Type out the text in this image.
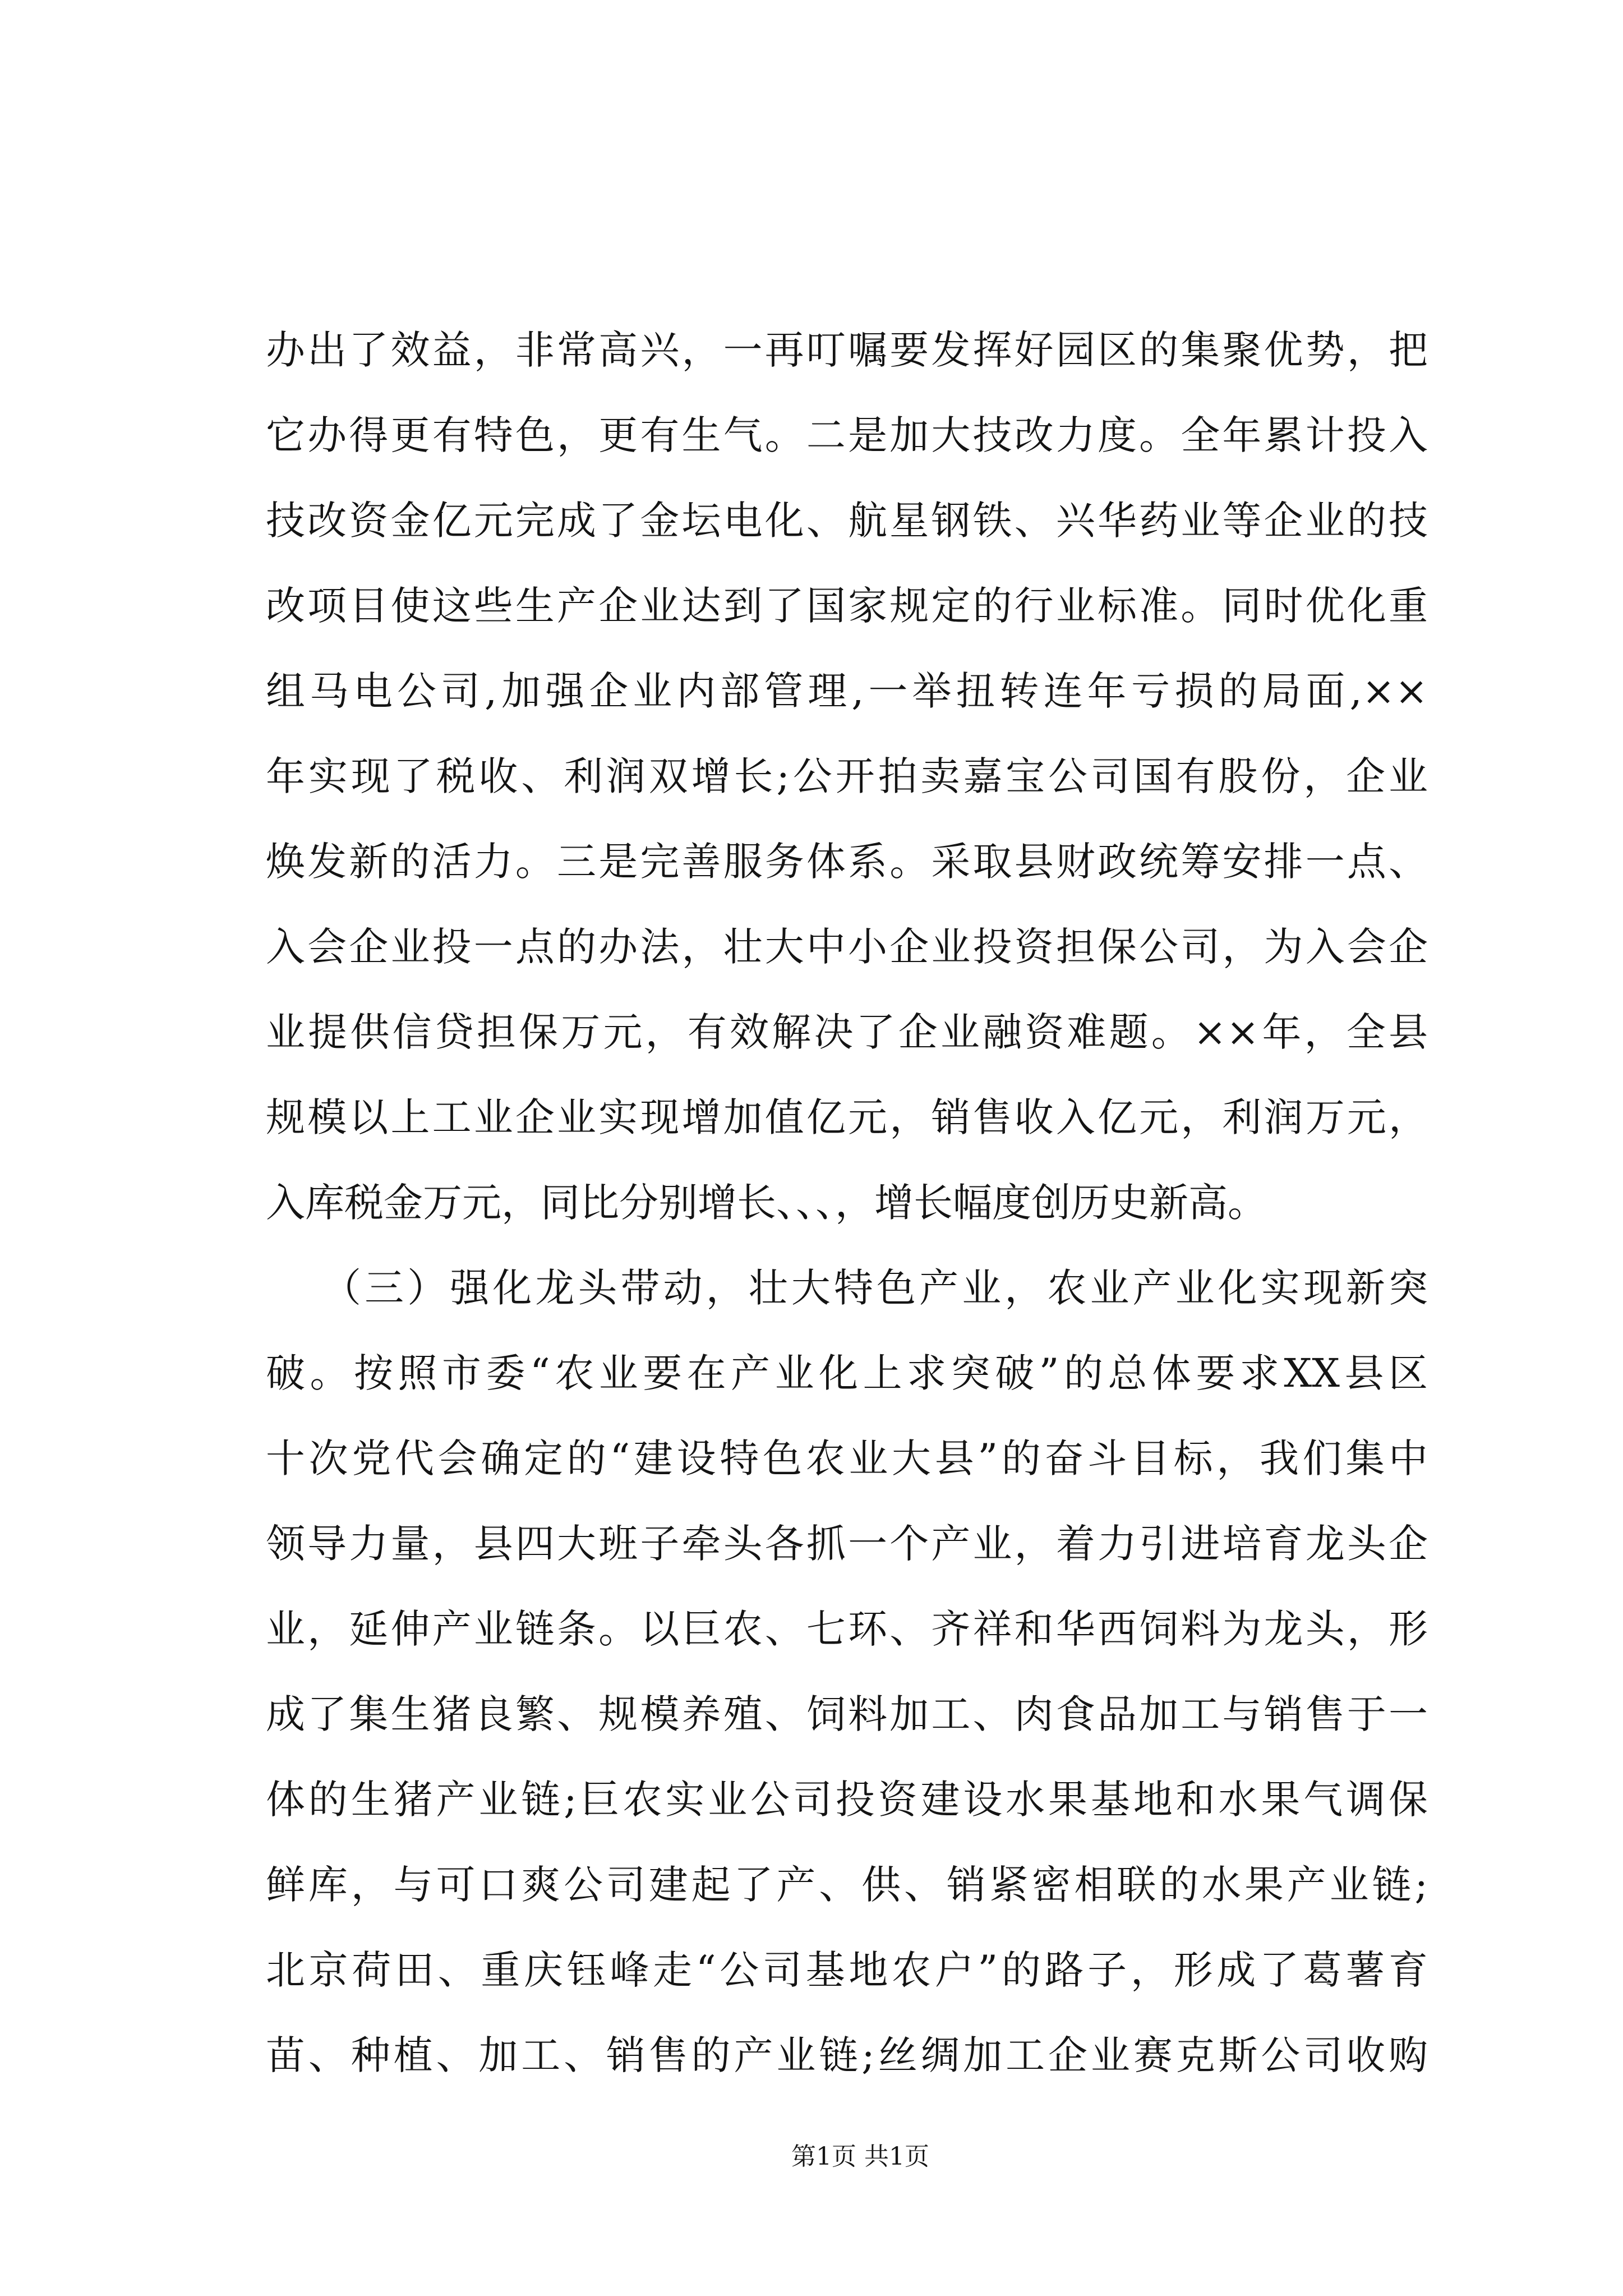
办出了效益，非常高兴，一再叮嘱要发挥好园区的集聚优势，把
它办得更有特色，更有生气。二是加大技改力度。全年累计投入
技改资金亿元完成了金坛电化、航星钢铁、兴华药业等企业的技
改项目使这些生产企业达到了国家规定的行业标准。同时优化重
组马电公司,加强企业内部管理,一举扭转连年亏损的局面,××
年实现了税收、利润双增长;公开拍卖嘉宝公司国有股份，企业
焕发新的活力。三是完善服务体系。采取县财政统筹安排一点、
入会企业投一点的办法，壮大中小企业投资担保公司，为入会企
业提供信贷担保万元，有效解决了企业融资难题。××年，全县
规模以上工业企业实现增加值亿元，销售收入亿元，利润万元，
入库税金万元，同比分别增长、、、，增长幅度创历史新高。
（三）强化龙头带动，壮大特色产业，农业产业化实现新突
破。按照市委“农业要在产业化上求突破”的总体要求XX县区
十次党代会确定的“建设特色农业大县”的奋斗目标，我们集中
领导力量，县四大班子牵头各抓一个产业，着力引进培育龙头企
业，延伸产业链条。以巨农、七环、齐祥和华西饲料为龙头，形
成了集生猪良繁、规模养殖、饲料加工、肉食品加工与销售于一
体的生猪产业链;巨农实业公司投资建设水果基地和水果气调保
鲜库，与可口爽公司建起了产、供、销紧密相联的水果产业链;
北京荷田、重庆钰峰走“公司基地农户”的路子，形成了葛薯育
苗、种植、加工、销售的产业链;丝绸加工企业赛克斯公司收购
第1页 共1页
